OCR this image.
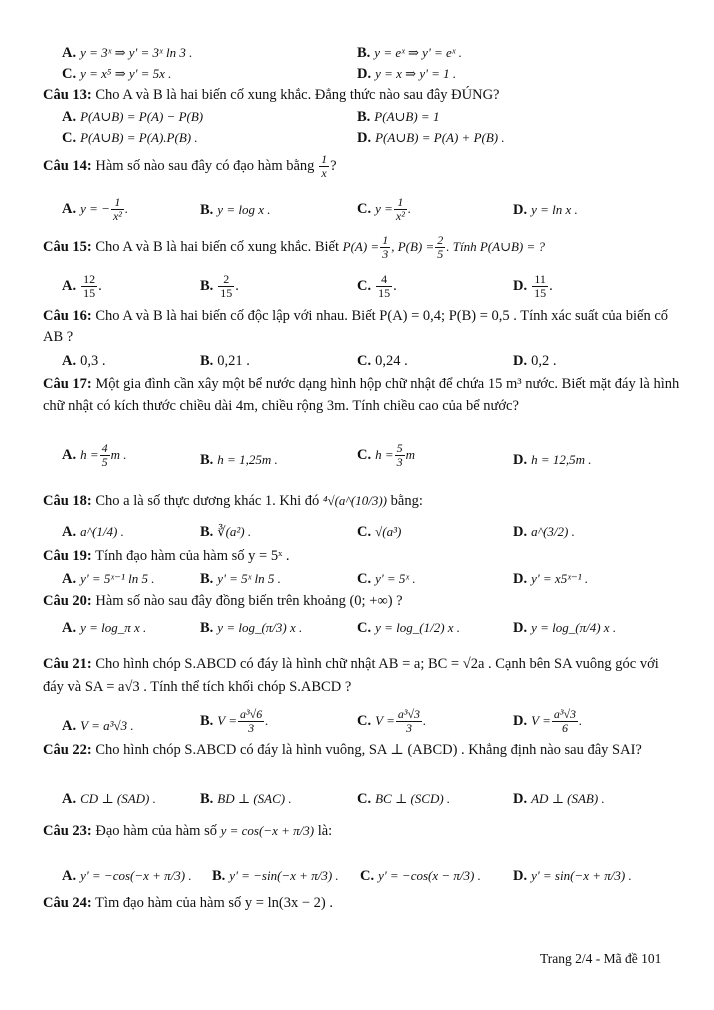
A. y = 3ˣ ⇒ y' = 3ˣ ln 3 .	B. y = eˣ ⇒ y' = eˣ .
C. y = x⁵ ⇒ y' = 5x .	D. y = x ⇒ y' = 1 .
Câu 13: Cho A và B là hai biến cố xung khắc. Đẳng thức nào sau đây ĐÚNG?
A. P(A∪B) = P(A) − P(B)	B. P(A∪B) = 1
C. P(A∪B) = P(A).P(B) .	D. P(A∪B) = P(A) + P(B) .
Câu 14: Hàm số nào sau đây có đạo hàm bằng $\frac{1}{x}$ ?
A. y = − $\frac{1}{\text{x²}}$ .	B. y = log x .	C. $y = \frac{1}{\text{x²}}$ .	D. y = ln x .
Câu 15: Cho A và B là hai biến cố xung khắc. Biết $P(A) = \frac{1}{3}$ , $P(B) = \frac{2}{5}$ . Tính P(A∪B) = ?
A. $\frac{12}{15}$ .	B. $\frac{2}{15}$ .	C. $\frac{4}{15}$ .	D. $\frac{11}{15}$ .
Câu 16: Cho A và B là hai biến cố độc lập với nhau. Biết P(A) = 0,4; P(B) = 0,5 . Tính xác suất của biến cố AB ?
A. 0,3 .	B. 0,21 .	C. 0,24 .	D. 0,2 .
Câu 17: Một gia đình cần xây một bể nước dạng hình hộp chữ nhật để chứa 15 m³ nước. Biết mặt đáy là hình chữ nhật có kích thước chiều dài 4m, chiều rộng 3m. Tính chiều cao của bể nước?
A. $h = \frac{4}{5}$ m .	B. h = 1,25m .	C. $h = \frac{5}{3}$ m	D. h = 12,5m .
Câu 18: Cho a là số thực dương khác 1. Khi đó ⁴√(a^(10/3)) bằng:
A. a^(1/4) .	B. ∛(a²) .	C. √(a³)	D. a^(3/2) .
Câu 19: Tính đạo hàm của hàm số y = 5ˣ .
A. y' = 5ˣ⁻¹ ln 5 .	B. y' = 5ˣ ln 5 .	C. y' = 5ˣ .	D. y' = x5ˣ⁻¹ .
Câu 20: Hàm số nào sau đây đồng biến trên khoảng (0; +∞) ?
A. y = log_π x .	B. y = log_(π/3) x .	C. y = log_(1/2) x .	D. y = log_(π/4) x .
Câu 21: Cho hình chóp S.ABCD có đáy là hình chữ nhật AB = a; BC = √2a . Cạnh bên SA vuông góc với đáy và SA = a√3 . Tính thể tích khối chóp S.ABCD ?
A. V = a³√3 .	B. $V = \frac{\text{a³√6}}{3}$ .	C. $V = \frac{\text{a³√3}}{3}$ .	D. $V = \frac{\text{a³√3}}{6}$ .
Câu 22: Cho hình chóp S.ABCD có đáy là hình vuông, SA ⊥ (ABCD) . Khẳng định nào sau đây SAI?
A. CD ⊥ (SAD) .	B. BD ⊥ (SAC) .	C. BC ⊥ (SCD) .	D. AD ⊥ (SAB) .
Câu 23: Đạo hàm của hàm số y = cos(−x + π/3) là:
A. y' = −cos(−x + π/3) . B. y' = −sin(−x + π/3) . C. y' = −cos(x − π/3) . D. y' = sin(−x + π/3) .
Câu 24: Tìm đạo hàm của hàm số y = ln(3x − 2) .
Trang 2/4 - Mã đề 101
